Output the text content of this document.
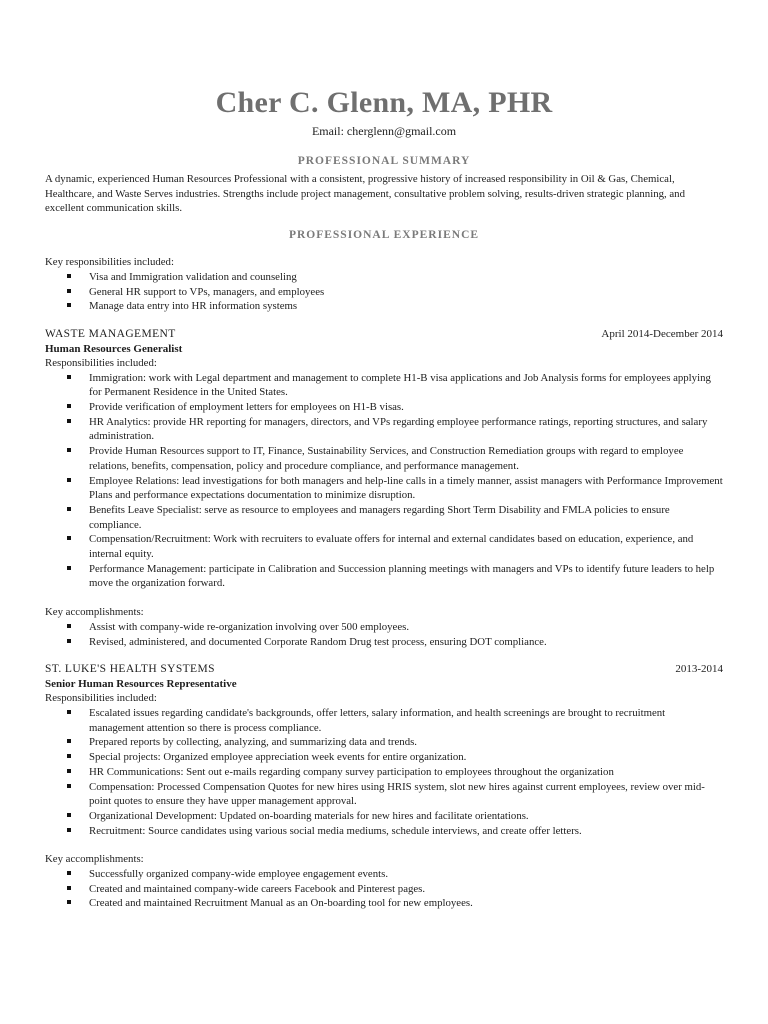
Cher C. Glenn, MA, PHR
Email: cherglenn@gmail.com
PROFESSIONAL SUMMARY

A dynamic, experienced Human Resources Professional with a consistent, progressive history of increased responsibility in Oil & Gas, Chemical, Healthcare, and Waste Serves industries. Strengths include project management, consultative problem solving, results-driven strategic planning, and excellent communication skills.

PROFESSIONAL EXPERIENCE
Key responsibilities included:
Visa and Immigration validation and counseling
General HR support to VPs, managers, and employees
Manage data entry into HR information systems
WASTE MANAGEMENT	April 2014-December 2014
Human Resources Generalist
Responsibilities included:
Immigration: work with Legal department and management to complete H1-B visa applications and Job Analysis forms for employees applying for Permanent Residence in the United States.
Provide verification of employment letters for employees on H1-B visas.
HR Analytics: provide HR reporting for managers, directors, and VPs regarding employee performance ratings, reporting structures, and salary administration.
Provide Human Resources support to IT, Finance, Sustainability Services, and Construction Remediation groups with regard to employee relations, benefits, compensation, policy and procedure compliance, and performance management.
Employee Relations: lead investigations for both managers and help-line calls in a timely manner, assist managers with Performance Improvement Plans and performance expectations documentation to minimize disruption.
Benefits Leave Specialist: serve as resource to employees and managers regarding Short Term Disability and FMLA policies to ensure compliance.
Compensation/Recruitment: Work with recruiters to evaluate offers for internal and external candidates based on education, experience, and internal equity.
Performance Management: participate in Calibration and Succession planning meetings with managers and VPs to identify future leaders to help move the organization forward.
Key accomplishments:
Assist with company-wide re-organization involving over 500 employees.
Revised, administered, and documented Corporate Random Drug test process, ensuring DOT compliance.
ST. LUKE'S HEALTH SYSTEMS	2013-2014
Senior Human Resources Representative
Responsibilities included:
Escalated issues regarding candidate's backgrounds, offer letters, salary information, and health screenings are brought to recruitment management attention so there is process compliance.
Prepared reports by collecting, analyzing, and summarizing data and trends.
Special projects: Organized employee appreciation week events for entire organization.
HR Communications: Sent out e-mails regarding company survey participation to employees throughout the organization
Compensation: Processed Compensation Quotes for new hires using HRIS system, slot new hires against current employees, review over mid-point quotes to ensure they have upper management approval.
Organizational Development: Updated on-boarding materials for new hires and facilitate orientations.
Recruitment: Source candidates using various social media mediums, schedule interviews, and create offer letters.
Key accomplishments:
Successfully organized company-wide employee engagement events.
Created and maintained company-wide careers Facebook and Pinterest pages.
Created and maintained Recruitment Manual as an On-boarding tool for new employees.
